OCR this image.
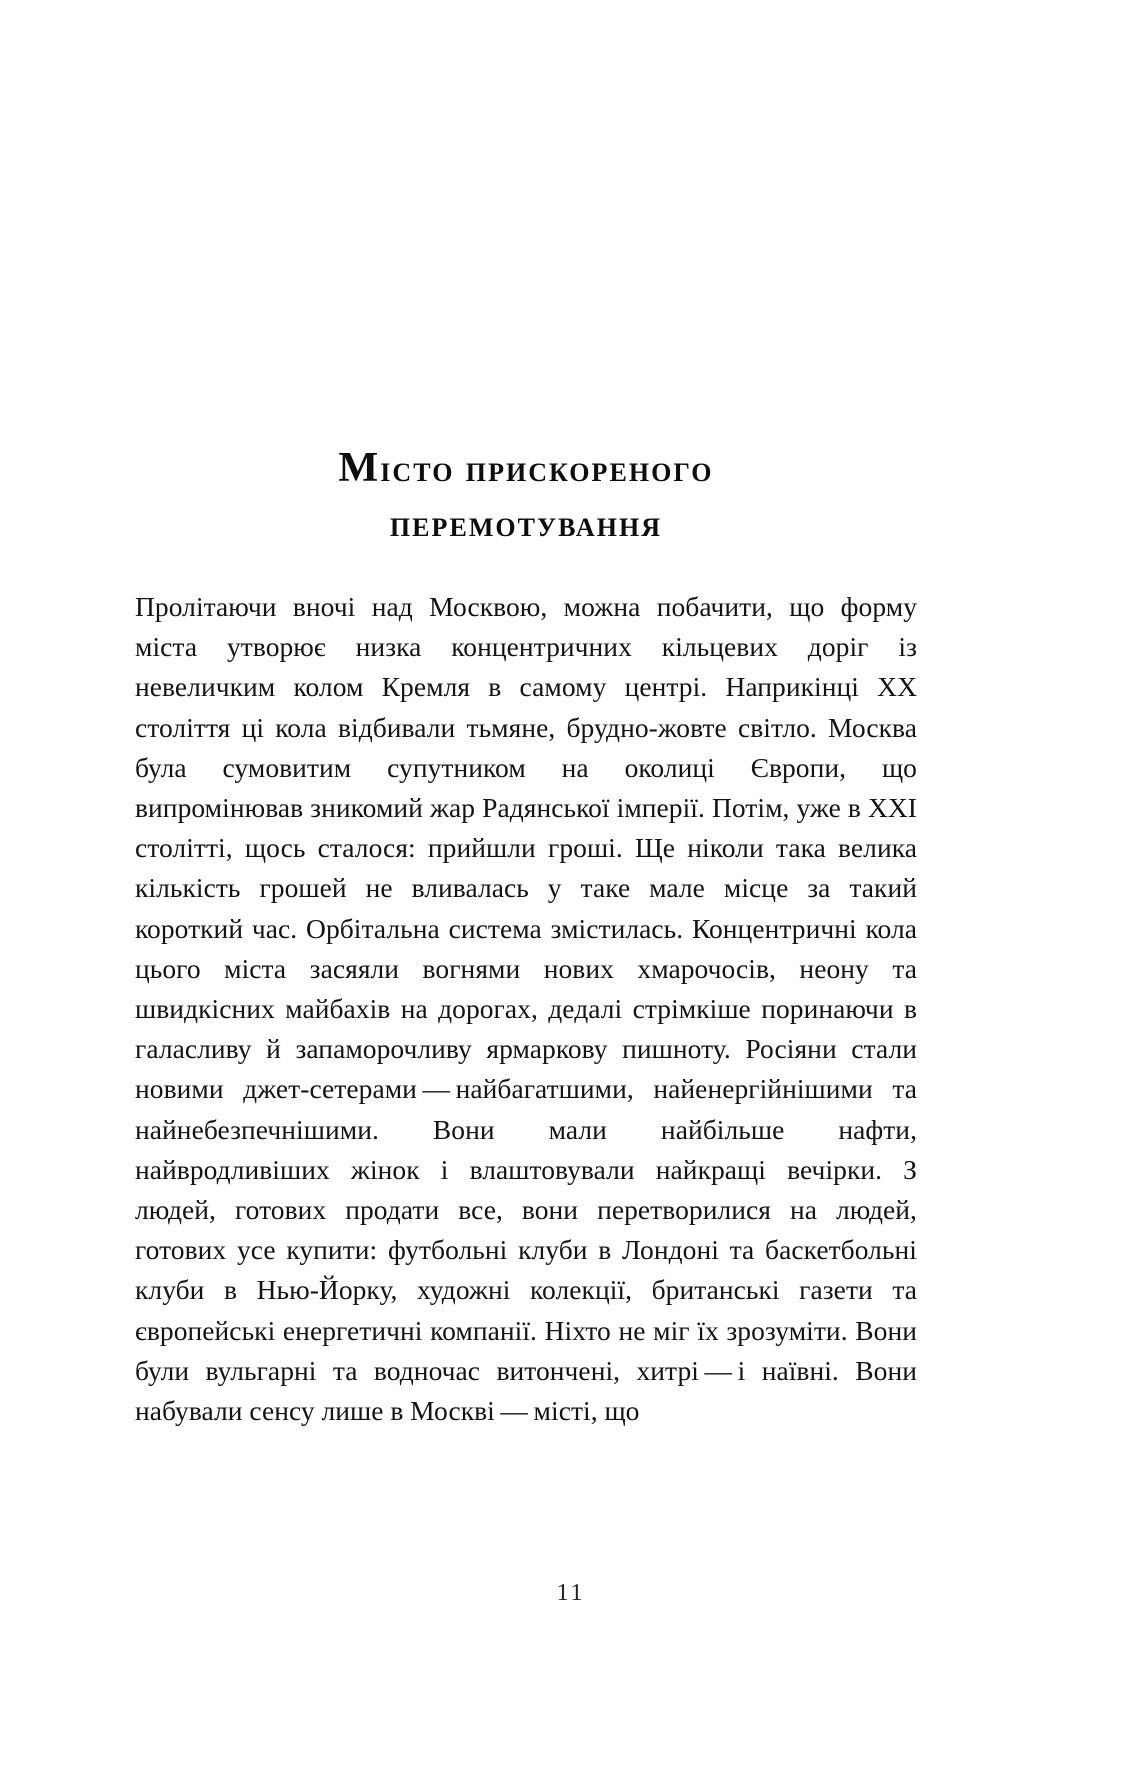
Місто прискореного
перемотування

Пролітаючи вночі над Москвою, можна побачити, що форму міста утворює низка концентричних кільцевих доріг із невеличким колом Кремля в самому центрі. Наприкінці XX століття ці кола відбивали тьмяне, брудно-жовте світло. Москва була сумовитим супутником на околиці Європи, що випромінював зникомий жар Радянської імперії. Потім, уже в XXI столітті, щось сталося: прийшли гроші. Ще ніколи така велика кількість грошей не вливалась у таке мале місце за такий короткий час. Орбітальна система змістилась. Концентричні кола цього міста засяяли вогнями нових хмарочосів, неону та швидкісних майбахів на дорогах, дедалі стрімкіше поринаючи в галасливу й запаморочливу ярмаркову пишноту. Росіяни стали новими джет-сетерами — найбагатшими, найенергійнішими та найнебезпечнішими. Вони мали найбільше нафти, найвродливіших жінок і влаштовували найкращі вечірки. З людей, готових продати все, вони перетворилися на людей, готових усе купити: футбольні клуби в Лондоні та баскетбольні клуби в Нью-Йорку, художні колекції, британські газети та європейські енергетичні компанії. Ніхто не міг їх зрозуміти. Вони були вульгарні та водночас витончені, хитрі — і наївні. Вони набували сенсу лише в Москві — місті, що

11
